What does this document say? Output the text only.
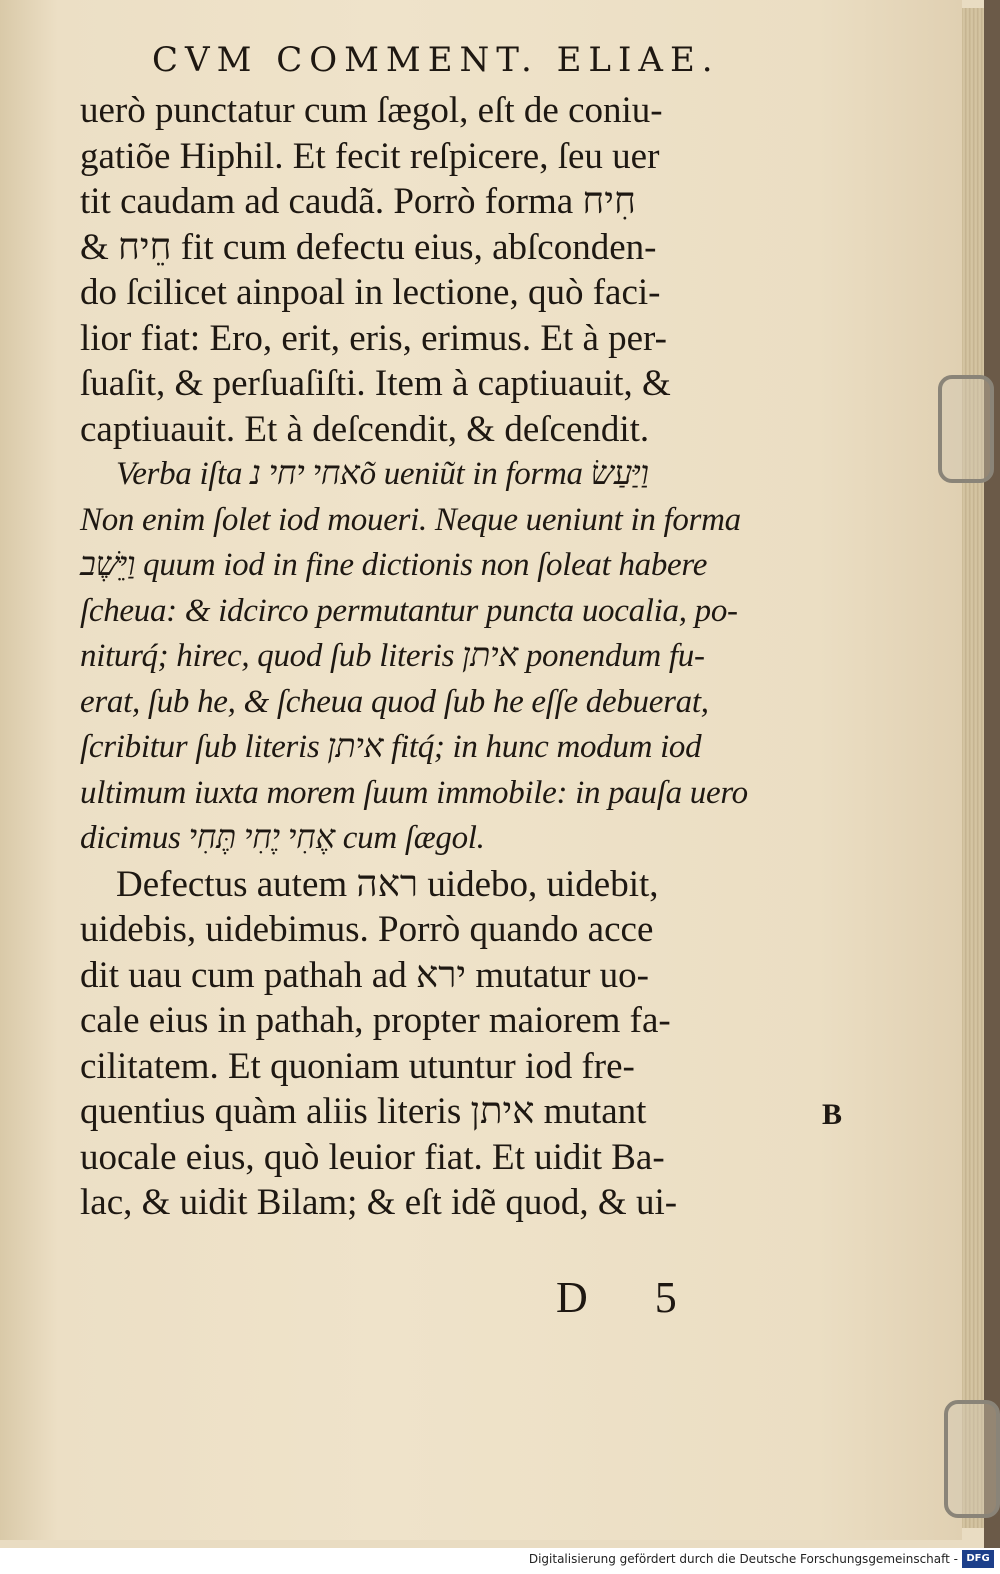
CVM COMMENT. ELIAE.
uerò punctatur cum ſægol, eſt de coniu-
gatiõe Hiphil. Et fecit reſpicere, ſeu uer
tit caudam ad caudã. Porrò forma חִיח
& חֵיח fit cum defectu eius, abſconden-
do ſcilicet ainpoal in lectione, quò faci-
lior fiat: Ero, erit, eris, erimus. Et à per-
ſuaſit, & perſuaſiſti. Item à captiuauit, &
captiuauit. Et à deſcendit, & deſcendit.
Verba iſta אחי יחי נõ ueniũt in forma וַיַּעַשׂ
Non enim ſolet iod moueri. Neque ueniunt in forma
וַיֵּשֶׁב quum iod in fine dictionis non ſoleat habere
ſcheua: & idcirco permutantur puncta uocalia, po-
niturq́; hirec, quod ſub literis איתן ponendum fu-
erat, ſub he, & ſcheua quod ſub he eſſe debuerat,
ſcribitur ſub literis איתן fitq́; in hunc modum iod
ultimum iuxta morem ſuum immobile: in pauſa uero
dicimus אֶחִי יֶחִי תֶּחִי cum ſægol.
Defectus autem ראה uidebo, uidebit,
uidebis, uidebimus. Porrò quando acce
dit uau cum pathah ad ירא mutatur uo-
cale eius in pathah, propter maiorem fa-
cilitatem. Et quoniam utuntur iod fre-
quentius quàm aliis literis איתן mutant
uocale eius, quò leuior fiat. Et uidit Ba-
lac, & uidit Bilam; & eſt idẽ quod, & ui-
B
D 5
Digitalisierung gefördert durch die Deutsche Forschungsgemeinschaft - DFG
